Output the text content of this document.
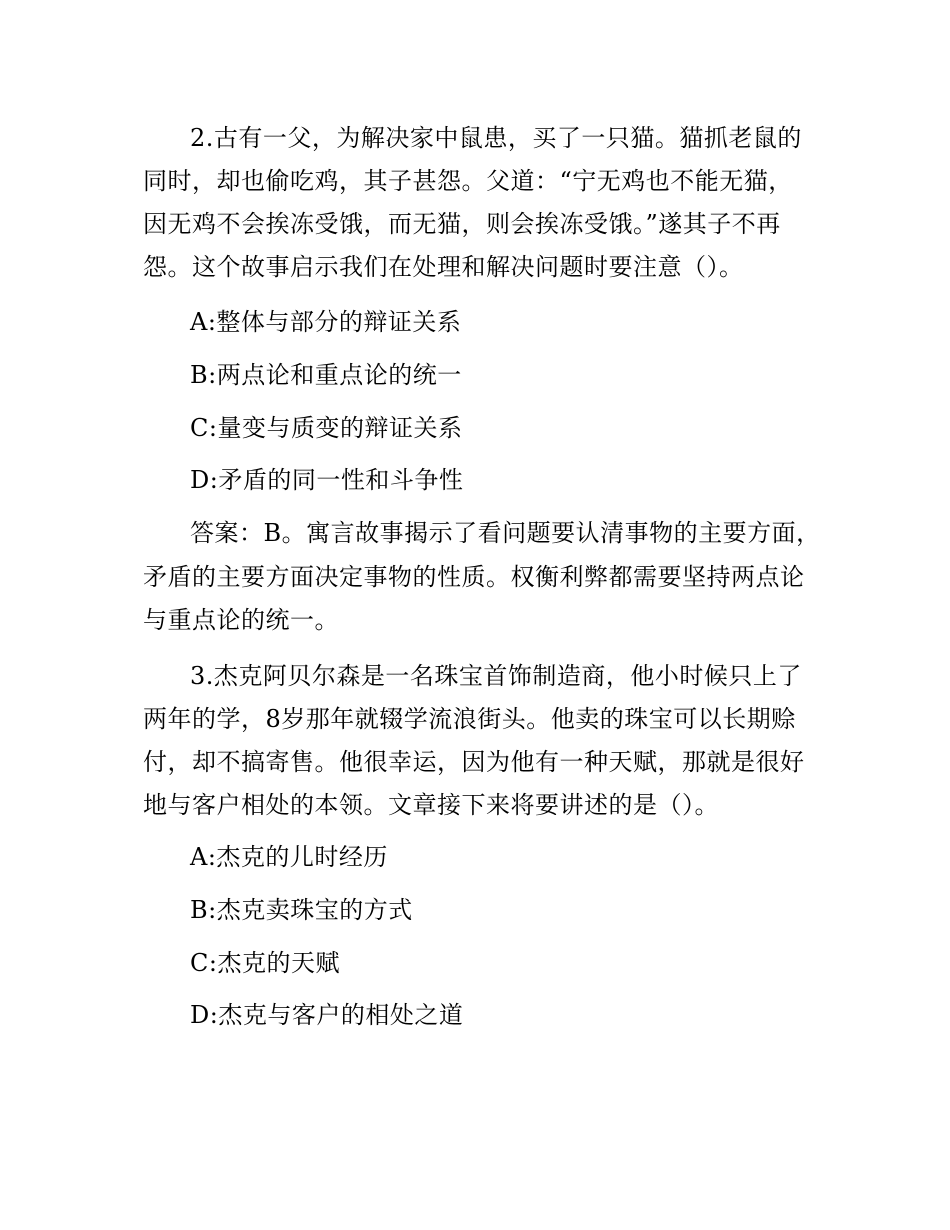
2.古有一父，为解决家中鼠患，买了一只猫。猫抓老鼠的
同时，却也偷吃鸡，其子甚怨。父道：“宁无鸡也不能无猫，
因无鸡不会挨冻受饿，而无猫，则会挨冻受饿。”遂其子不再
怨。这个故事启示我们在处理和解决问题时要注意（）。
A:整体与部分的辩证关系
B:两点论和重点论的统一
C:量变与质变的辩证关系
D:矛盾的同一性和斗争性
答案：B。寓言故事揭示了看问题要认清事物的主要方面，
矛盾的主要方面决定事物的性质。权衡利弊都需要坚持两点论
与重点论的统一。
3.杰克阿贝尔森是一名珠宝首饰制造商，他小时候只上了
两年的学，8岁那年就辍学流浪街头。他卖的珠宝可以长期赊
付，却不搞寄售。他很幸运，因为他有一种天赋，那就是很好
地与客户相处的本领。文章接下来将要讲述的是（）。
A:杰克的儿时经历
B:杰克卖珠宝的方式
C:杰克的天赋
D:杰克与客户的相处之道
